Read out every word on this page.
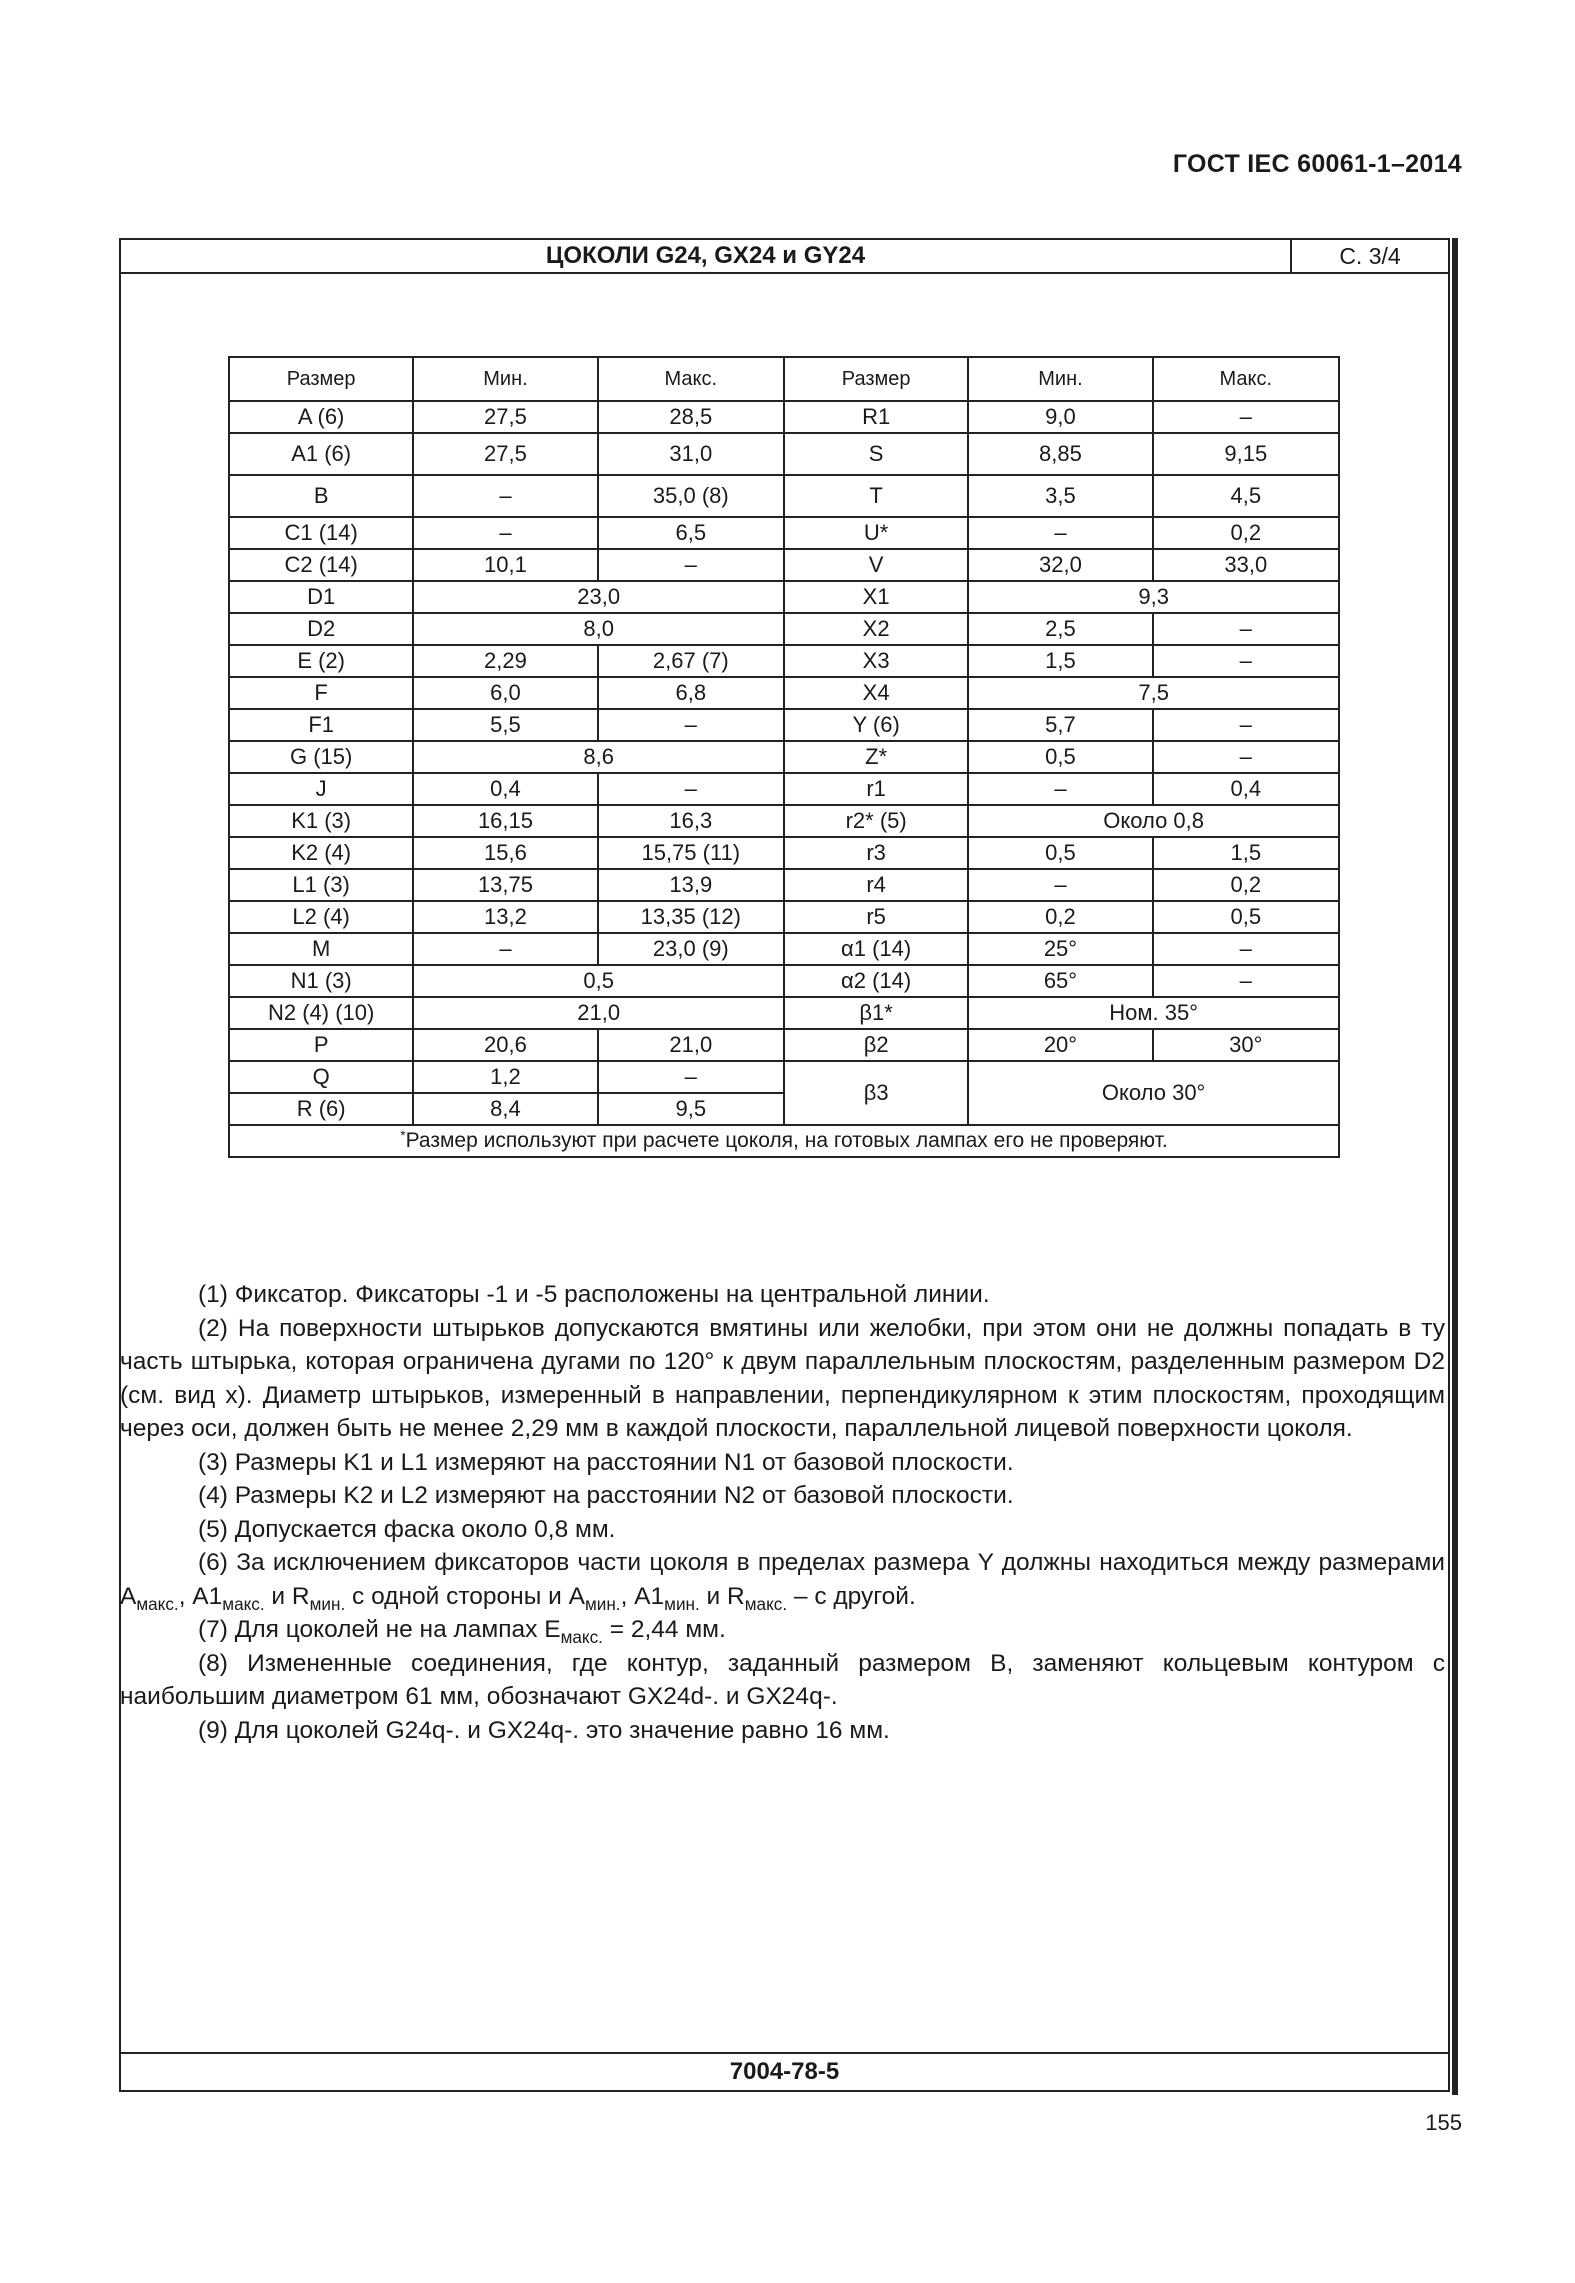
ГОСТ IEC 60061-1–2014
ЦОКОЛИ G24, GX24 и GY24	С. 3/4
7004-78-5
Размер	Мин.	Макс.	Размер	Мин.	Макс.
A (6)	27,5	28,5	R1	9,0	–
A1 (6)	27,5	31,0	S	8,85	9,15
B	–	35,0 (8)	T	3,5	4,5
C1 (14)	–	6,5	U*	–	0,2
C2 (14)	10,1	–	V	32,0	33,0
D1	23,0		X1	9,3	
D2	8,0		X2	2,5	–
E (2)	2,29	2,67 (7)	X3	1,5	–
F	6,0	6,8	X4	7,5	
F1	5,5	–	Y (6)	5,7	–
G (15)	8,6		Z*	0,5	–
J	0,4	–	r1	–	0,4
K1 (3)	16,15	16,3	r2* (5)	Около 0,8	
K2 (4)	15,6	15,75 (11)	r3	0,5	1,5
L1 (3)	13,75	13,9	r4	–	0,2
L2 (4)	13,2	13,35 (12)	r5	0,2	0,5
M	–	23,0 (9)	α1 (14)	25°	–
N1 (3)	0,5		α2 (14)	65°	–
N2 (4) (10)	21,0		β1*	Ном. 35°	
P	20,6	21,0	β2	20°	30°
Q	1,2	–	β3	Около 30°	
R (6)	8,4	9,5			
*Размер используют при расчете цоколя, на готовых лампах его не проверяют.					

(1) Фиксатор. Фиксаторы -1 и -5 расположены на центральной линии.

(2) На поверхности штырьков допускаются вмятины или желобки, при этом они не должны попадать в ту часть штырька, которая ограничена дугами по 120° к двум параллельным плоскостям, разделенным размером D2 (см. вид х). Диаметр штырьков, измеренный в направлении, перпендикулярном к этим плоскостям, проходящим через оси, должен быть не менее 2,29 мм в каждой плоскости, параллельной лицевой поверхности цоколя.

(3) Размеры K1 и L1 измеряют на расстоянии N1 от базовой плоскости.

(4) Размеры K2 и L2 измеряют на расстоянии N2 от базовой плоскости.

(5) Допускается фаска около 0,8 мм.

(6) За исключением фиксаторов части цоколя в пределах размера Y должны находиться между размерами $A_{макс.}$, $A1_{макс.}$ и $R_{мин.}$ с одной стороны и $A_{мин.}$, $A1_{мин.}$ и $R_{макс.}$ – с другой.

(7) Для цоколей не на лампах $E_{макс.} = 2,44$ мм.

(8) Измененные соединения, где контур, заданный размером B, заменяют кольцевым контуром с наибольшим диаметром 61 мм, обозначают GX24d-. и GX24q-.

(9) Для цоколей G24q-. и GX24q-. это значение равно 16 мм.

155
